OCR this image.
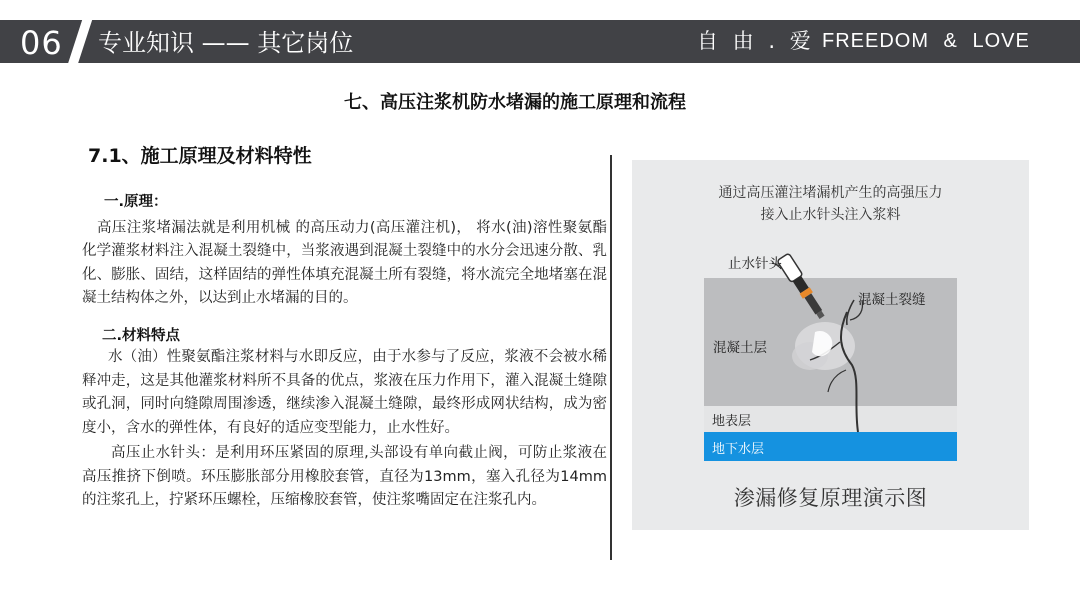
06 专业知识 —— 其它岗位	自 由 . 爱 FREEDOM & LOVE
七、高压注浆机防水堵漏的施工原理和流程
7.1、施工原理及材料特性
一.原理：

高压注浆堵漏法就是利用机械 的高压动力(高压灌注机)， 将水(油)溶性聚氨酯化学灌浆材料注入混凝土裂缝中，当浆液遇到混凝土裂缝中的水分会迅速分散、乳化、膨胀、固结，这样固结的弹性体填充混凝土所有裂缝，将水流完全地堵塞在混凝土结构体之外，以达到止水堵漏的目的。

二.材料特点

水（油）性聚氨酯注浆材料与水即反应，由于水参与了反应，浆液不会被水稀释冲走，这是其他灌浆材料所不具备的优点，浆液在压力作用下，灌入混凝土缝隙或孔洞，同时向缝隙周围渗透，继续渗入混凝土缝隙，最终形成网状结构，成为密度小，含水的弹性体，有良好的适应变型能力，止水性好。

高压止水针头：是利用环压紧固的原理,头部设有单向截止阀，可防止浆液在高压推挤下倒喷。环压膨胀部分用橡胶套管，直径为13mm，塞入孔径为14mm的注浆孔上，拧紧环压螺栓，压缩橡胶套管，使注浆嘴固定在注浆孔内。

通过高压灌注堵漏机产生的高强压力
接入止水针头注入浆料
止水针头
混凝土裂缝
混凝土层
地表层
地下水层
渗漏修复原理演示图
